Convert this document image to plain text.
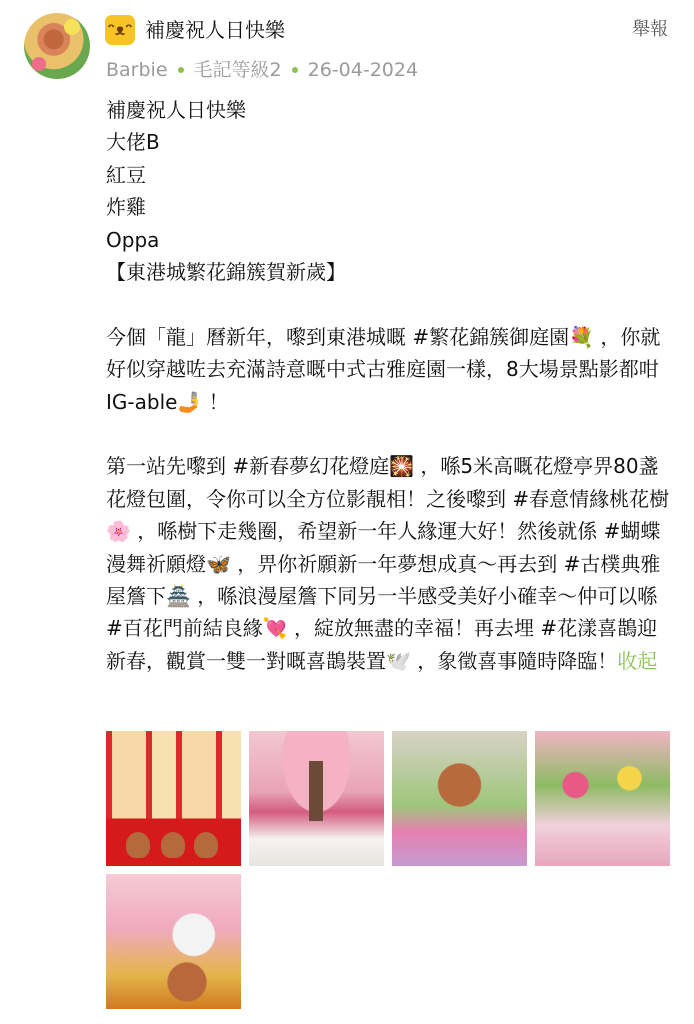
ᵔᴥᵔ 補慶祝人日快樂	舉報
Barbie 毛記等級2 26-04-2024

補慶祝人日快樂

大佬B

紅豆

炸雞

Oppa

【東港城繁花錦簇賀新歲】

今個「龍」曆新年，嚟到東港城嘅 #繁花錦簇御庭園💐 ，你就好似穿越咗去充滿詩意嘅中式古雅庭園一樣，8大場景點影都咁IG-able🤳 ！

第一站先嚟到 #新春夢幻花燈庭🎇 ，喺5米高嘅花燈亭畀80盞花燈包圍，令你可以全方位影靚相！之後嚟到 #春意情緣桃花樹🌸 ，喺樹下走幾圈，希望新一年人緣運大好！然後就係 #蝴蝶漫舞祈願燈🦋 ，畀你祈願新一年夢想成真～再去到 #古樸典雅屋簷下🏯 ，喺浪漫屋簷下同另一半感受美好小確幸～仲可以喺 #百花門前結良緣💘 ，綻放無盡的幸福！再去埋 #花漾喜鵲迎新春，觀賞一雙一對嘅喜鵲裝置🕊️ ，象徵喜事隨時降臨！收起
